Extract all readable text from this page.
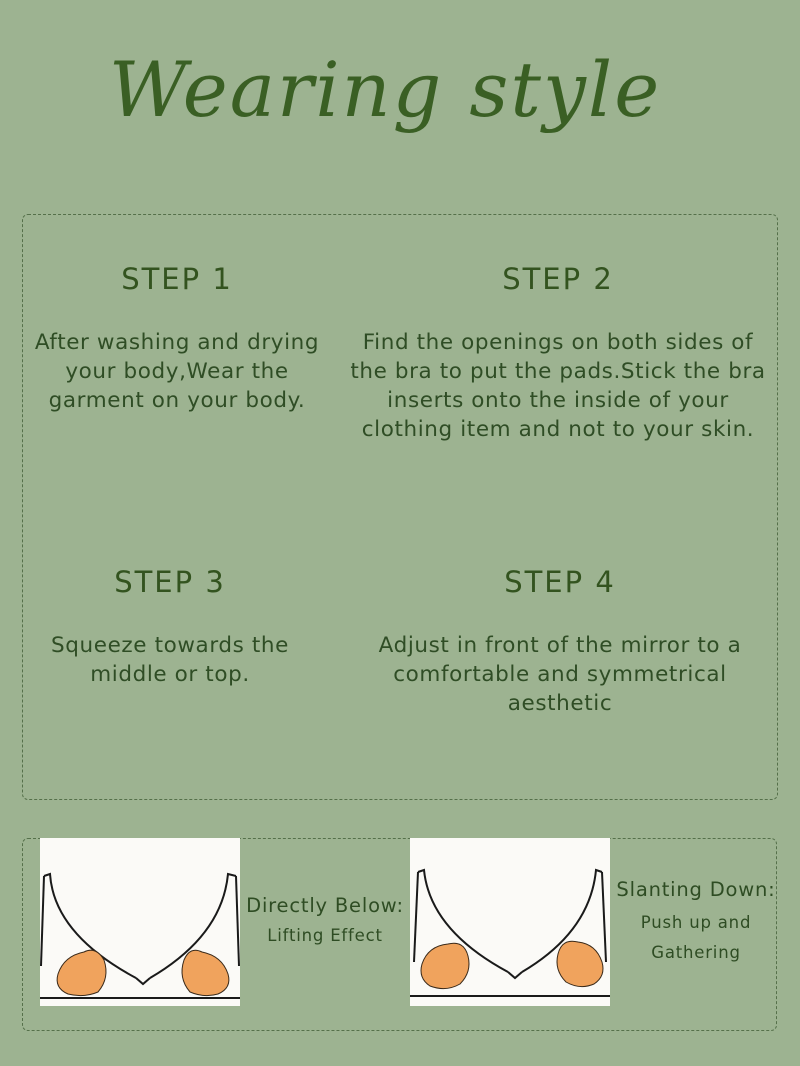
Wearing style
STEP 1

After washing and drying
your body,Wear the
garment on your body.

STEP 2

Find the openings on both sides of
the bra to put the pads.Stick the bra
inserts onto the inside of your
clothing item and not to your skin.

STEP 3

Squeeze towards the
middle or top.

STEP 4

Adjust in front of the mirror to a
comfortable and symmetrical
aesthetic

Directly Below:
Lifting Effect
Slanting Down:
Push up and
Gathering
